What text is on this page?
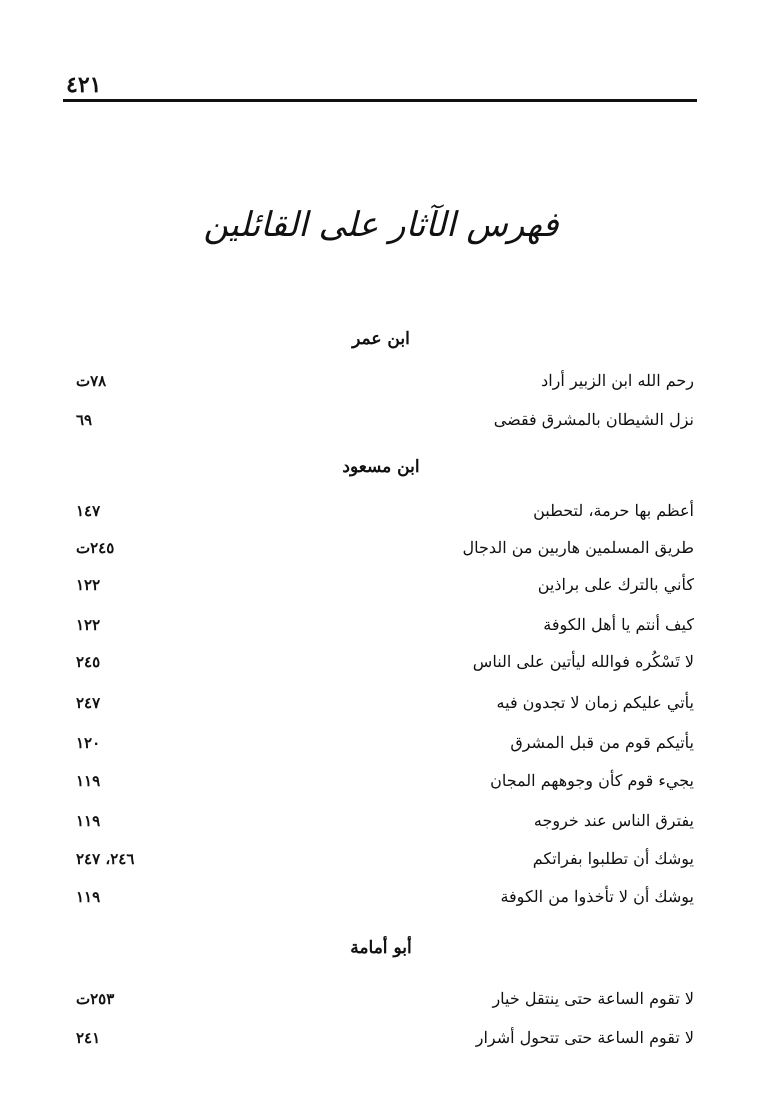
٤٢١
فهرس الآثار على القائلين

ابن عمر

رحم الله ابن الزبير أراد
٧٨ت
نزل الشيطان بالمشرق فقضى
٦٩

ابن مسعود

أعظم بها حرمة، لتحطبن
١٤٧
طريق المسلمين هاربين من الدجال
٢٤٥ت
كأني بالترك على براذين
١٢٢
كيف أنتم يا أهل الكوفة
١٢٢
لا تَسْكُره فوالله ليأتين على الناس
٢٤٥
يأتي عليكم زمان لا تجدون فيه
٢٤٧
يأتيكم قوم من قبل المشرق
١٢٠
يجيء قوم كأن وجوههم المجان
١١٩
يفترق الناس عند خروجه
١١٩
يوشك أن تطلبوا بفراتكم
٢٤٦، ٢٤٧
يوشك أن لا تأخذوا من الكوفة
١١٩

أبو أمامة

لا تقوم الساعة حتى ينتقل خيار
٢٥٣ت
لا تقوم الساعة حتى تتحول أشرار
٢٤١
